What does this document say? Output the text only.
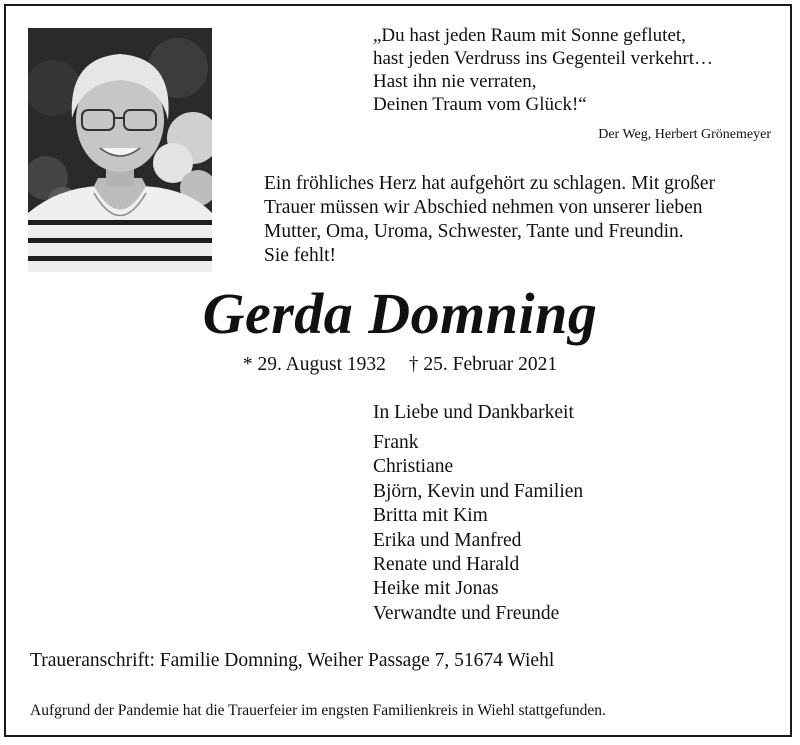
„Du hast jeden Raum mit Sonne geflutet,
hast jeden Verdruss ins Gegenteil verkehrt…
Hast ihn nie verraten,
Deinen Traum vom Glück!“
Der Weg, Herbert Grönemeyer
Ein fröhliches Herz hat aufgehört zu schlagen. Mit großer
Trauer müssen wir Abschied nehmen von unserer lieben
Mutter, Oma, Uroma, Schwester, Tante und Freundin.
Sie fehlt!
Gerda Domning
* 29. August 1932 † 25. Februar 2021
In Liebe und Dankbarkeit
Frank
Christiane
Björn, Kevin und Familien
Britta mit Kim
Erika und Manfred
Renate und Harald
Heike mit Jonas
Verwandte und Freunde
Traueranschrift: Familie Domning, Weiher Passage 7, 51674 Wiehl
Aufgrund der Pandemie hat die Trauerfeier im engsten Familienkreis in Wiehl stattgefunden.
